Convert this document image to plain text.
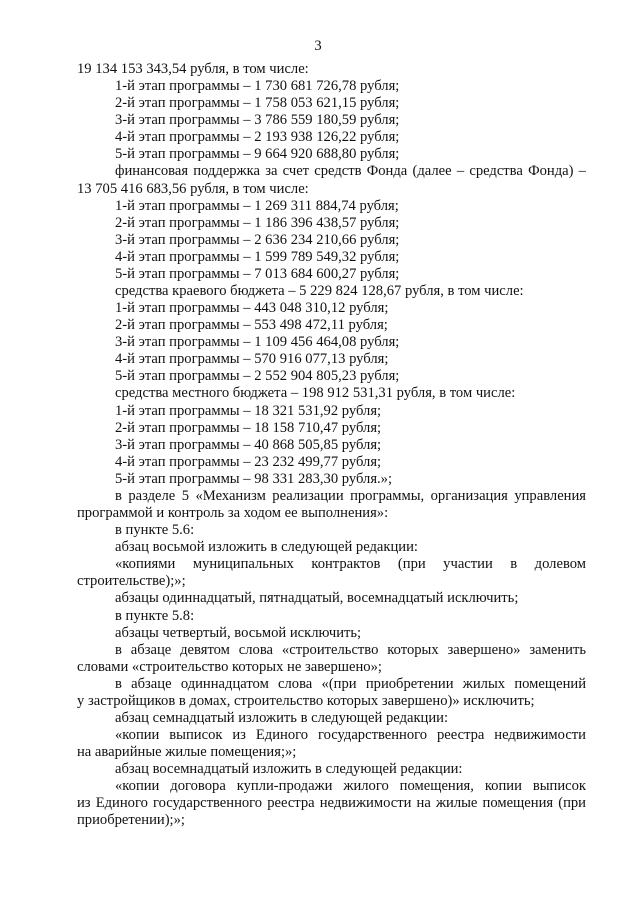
3
19 134 153 343,54 рубля, в том числе:
1-й этап программы – 1 730 681 726,78 рубля;
2-й этап программы – 1 758 053 621,15 рубля;
3-й этап программы – 3 786 559 180,59 рубля;
4-й этап программы – 2 193 938 126,22 рубля;
5-й этап программы – 9 664 920 688,80 рубля;
финансовая поддержка за счет средств Фонда (далее – средства Фонда) –
13 705 416 683,56 рубля, в том числе:
1-й этап программы – 1 269 311 884,74 рубля;
2-й этап программы – 1 186 396 438,57 рубля;
3-й этап программы – 2 636 234 210,66 рубля;
4-й этап программы – 1 599 789 549,32 рубля;
5-й этап программы – 7 013 684 600,27 рубля;
средства краевого бюджета – 5 229 824 128,67 рубля, в том числе:
1-й этап программы – 443 048 310,12 рубля;
2-й этап программы – 553 498 472,11 рубля;
3-й этап программы – 1 109 456 464,08 рубля;
4-й этап программы – 570 916 077,13 рубля;
5-й этап программы – 2 552 904 805,23 рубля;
средства местного бюджета – 198 912 531,31 рубля, в том числе:
1-й этап программы – 18 321 531,92 рубля;
2-й этап программы – 18 158 710,47 рубля;
3-й этап программы – 40 868 505,85 рубля;
4-й этап программы – 23 232 499,77 рубля;
5-й этап программы – 98 331 283,30 рубля.»;
в разделе 5 «Механизм реализации программы, организация управления
программой и контроль за ходом ее выполнения»:
в пункте 5.6:
абзац восьмой изложить в следующей редакции:
«копиями муниципальных контрактов (при участии в долевом
строительстве);»;
абзацы одиннадцатый, пятнадцатый, восемнадцатый исключить;
в пункте 5.8:
абзацы четвертый, восьмой исключить;
в абзаце девятом слова «строительство которых завершено» заменить
словами «строительство которых не завершено»;
в абзаце одиннадцатом слова «(при приобретении жилых помещений
у застройщиков в домах, строительство которых завершено)» исключить;
абзац семнадцатый изложить в следующей редакции:
«копии выписок из Единого государственного реестра недвижимости
на аварийные жилые помещения;»;
абзац восемнадцатый изложить в следующей редакции:
«копии договора купли-продажи жилого помещения, копии выписок
из Единого государственного реестра недвижимости на жилые помещения (при
приобретении);»;
